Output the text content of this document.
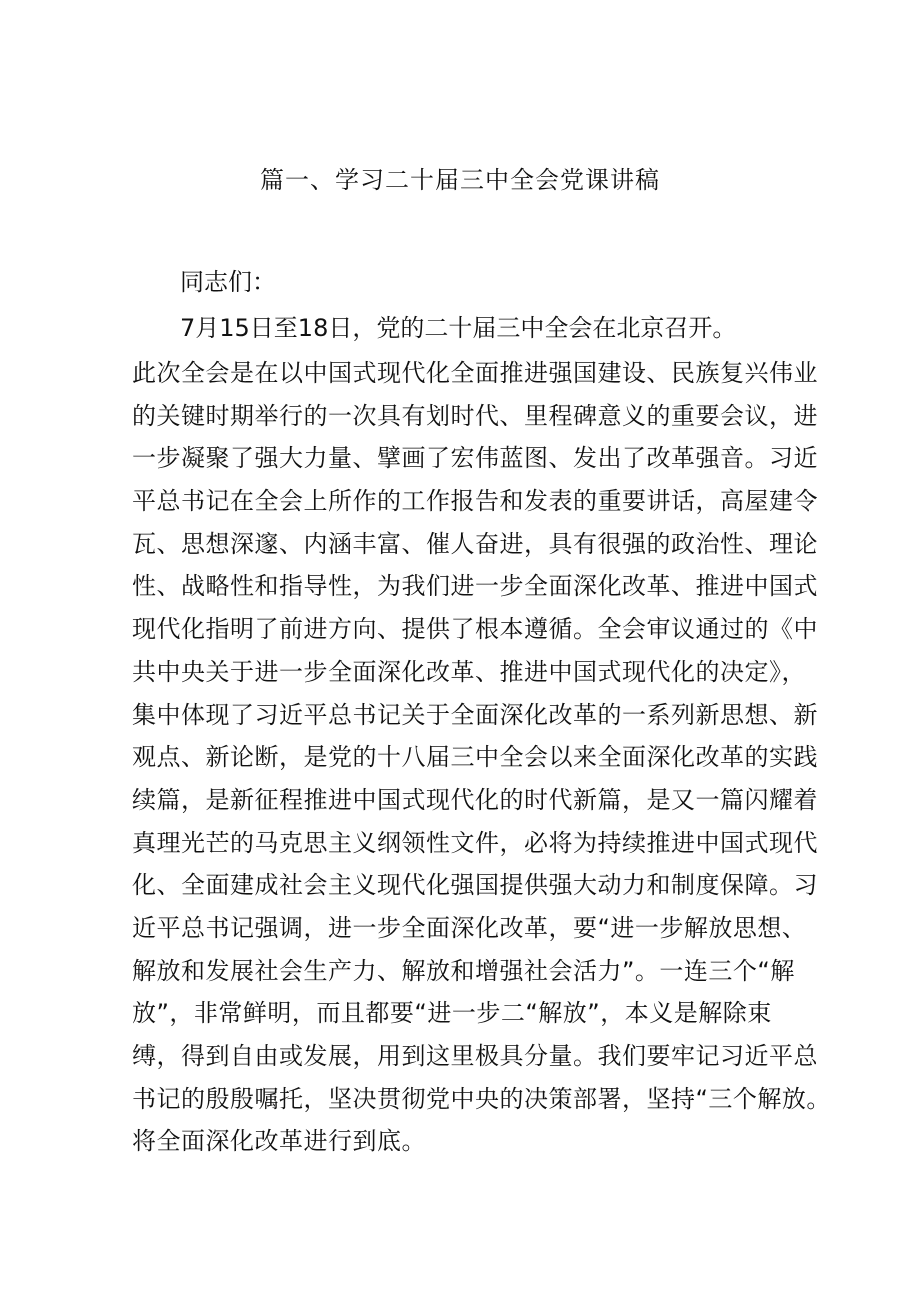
篇一、学习二十届三中全会党课讲稿
同志们：
7月15日至18日，党的二十届三中全会在北京召开。
此次全会是在以中国式现代化全面推进强国建设、民族复兴伟业
的关键时期举行的一次具有划时代、里程碑意义的重要会议，进
一步凝聚了强大力量、擘画了宏伟蓝图、发出了改革强音。习近
平总书记在全会上所作的工作报告和发表的重要讲话，高屋建令
瓦、思想深邃、内涵丰富、催人奋进，具有很强的政治性、理论
性、战略性和指导性，为我们进一步全面深化改革、推进中国式
现代化指明了前进方向、提供了根本遵循。全会审议通过的《中
共中央关于进一步全面深化改革、推进中国式现代化的决定》，
集中体现了习近平总书记关于全面深化改革的一系列新思想、新
观点、新论断，是党的十八届三中全会以来全面深化改革的实践
续篇，是新征程推进中国式现代化的时代新篇，是又一篇闪耀着
真理光芒的马克思主义纲领性文件，必将为持续推进中国式现代
化、全面建成社会主义现代化强国提供强大动力和制度保障。习
近平总书记强调，进一步全面深化改革，要“进一步解放思想、
解放和发展社会生产力、解放和增强社会活力”。一连三个“解
放”，非常鲜明，而且都要“进一步二“解放”，本义是解除束
缚，得到自由或发展，用到这里极具分量。我们要牢记习近平总
书记的殷殷嘱托，坚决贯彻党中央的决策部署，坚持“三个解放。
将全面深化改革进行到底。
